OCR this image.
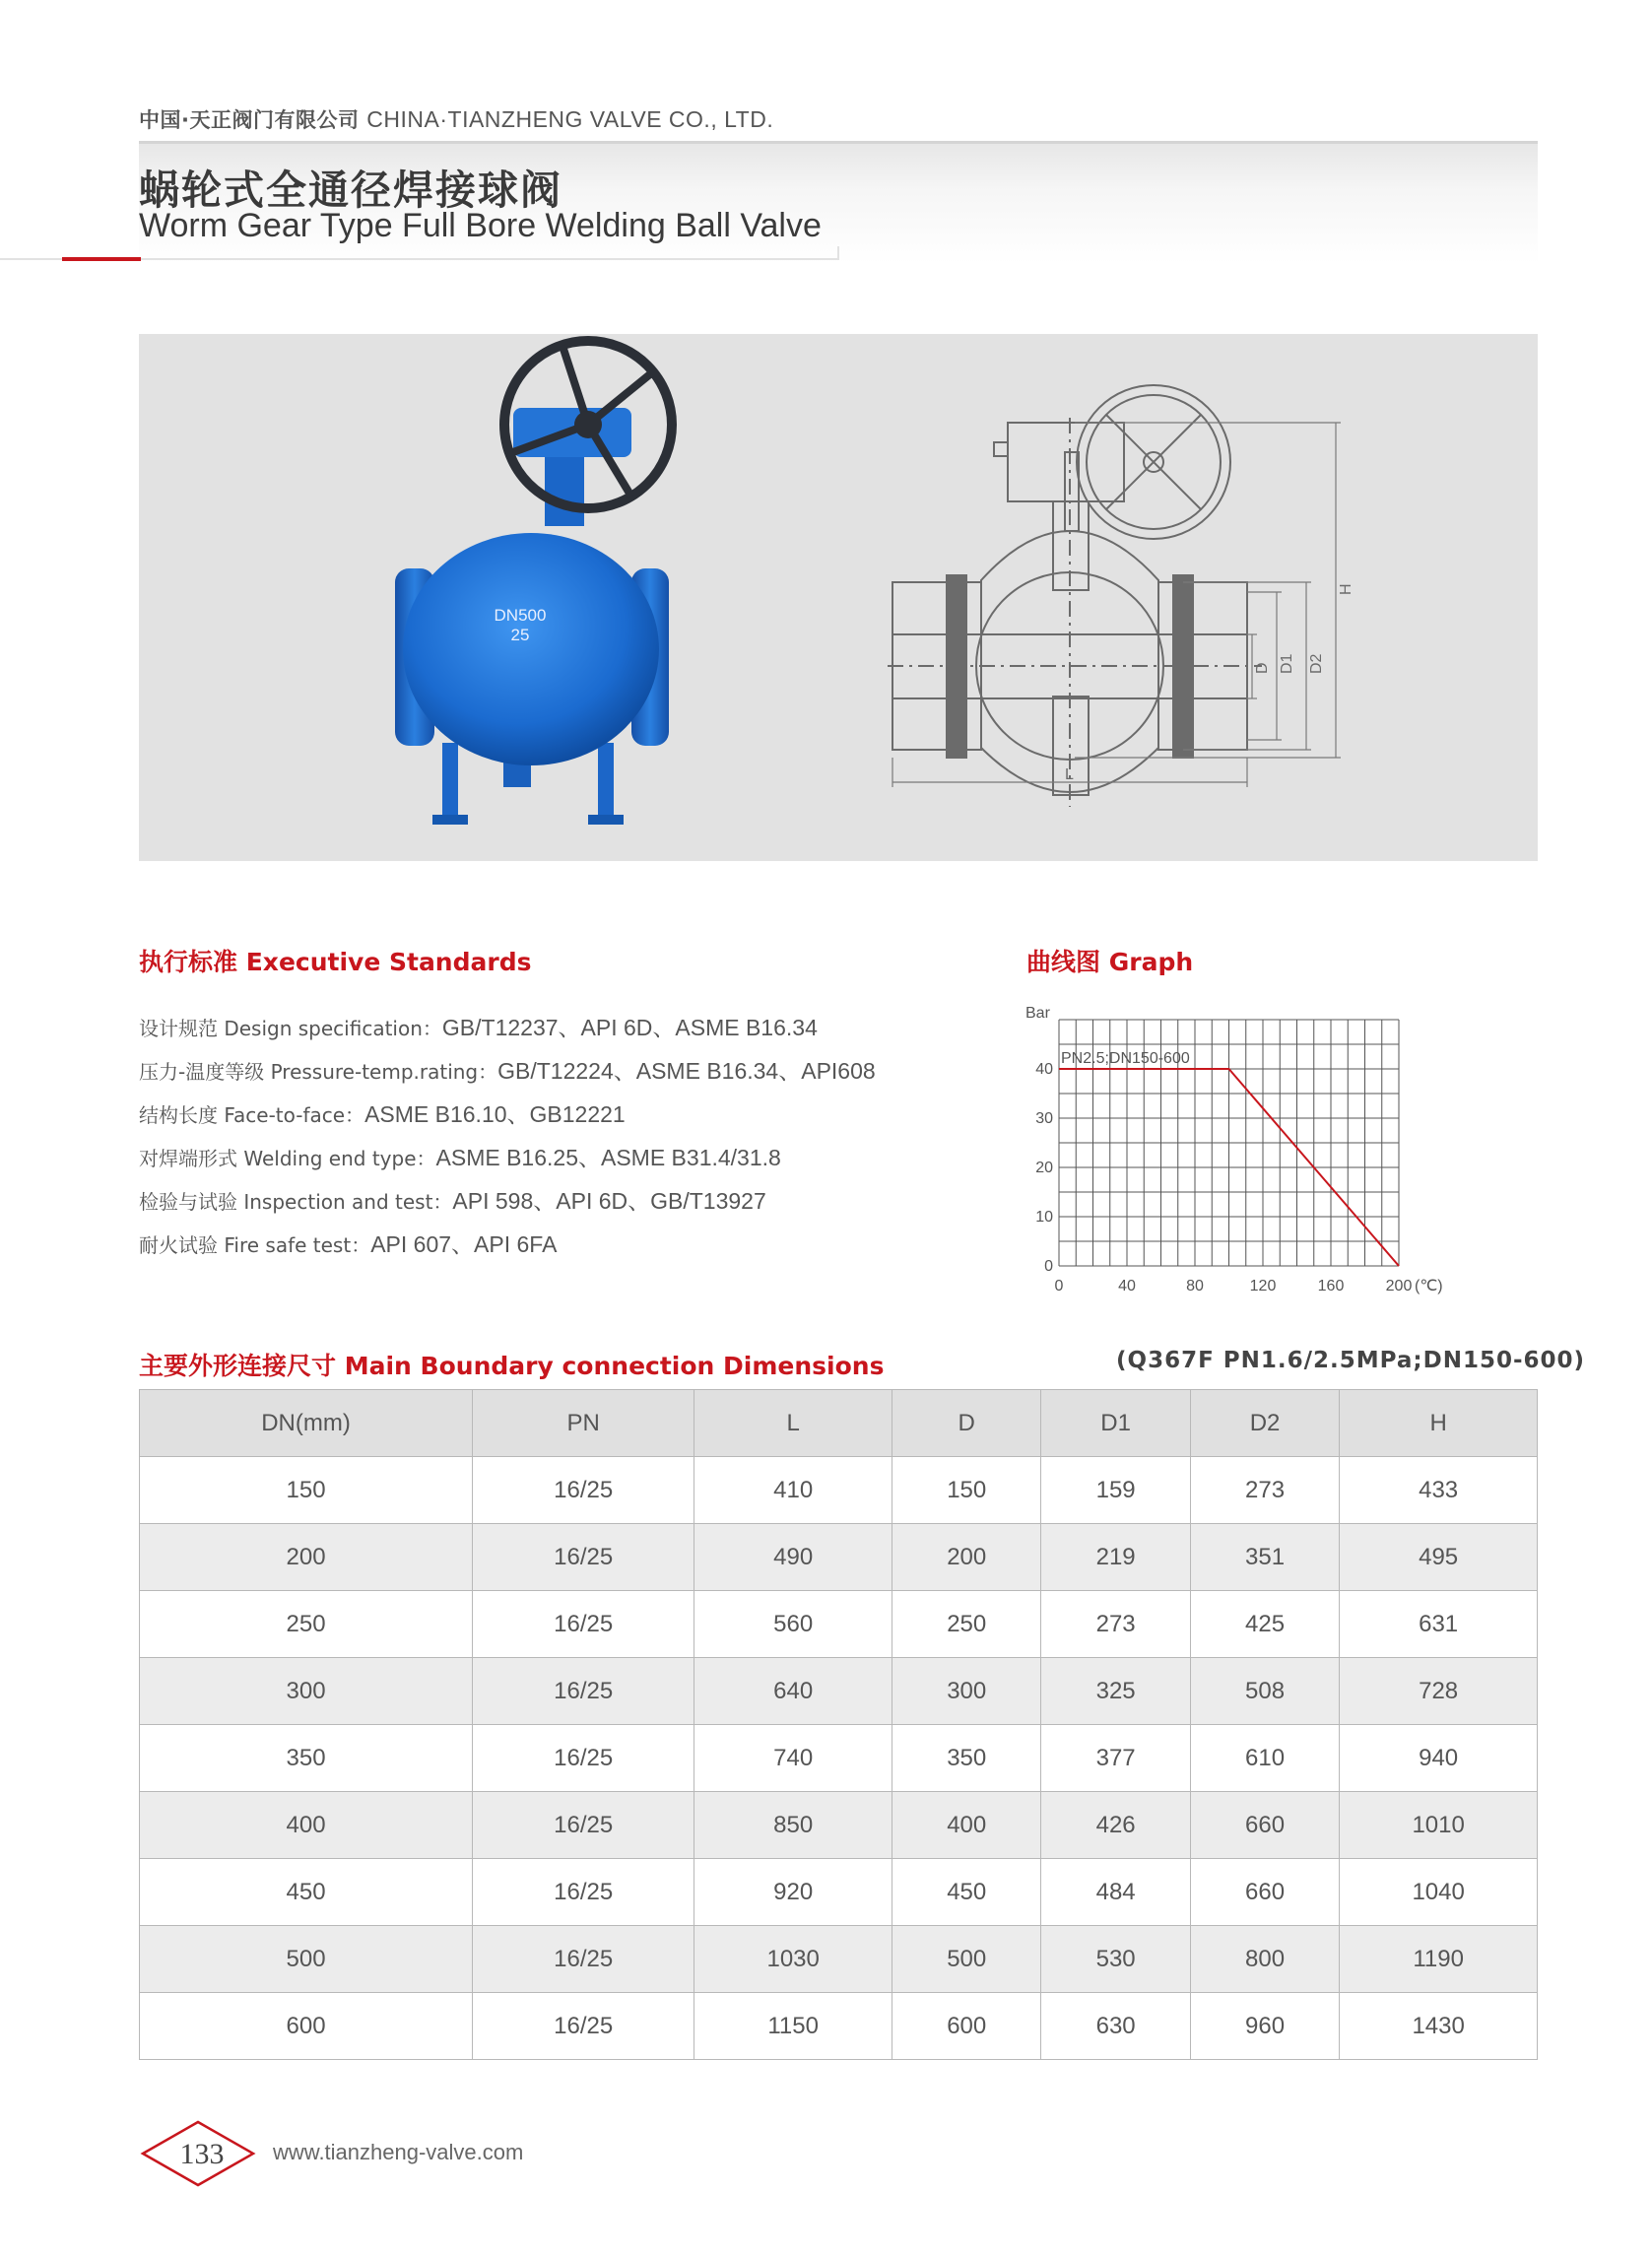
中国·天正阀门有限公司 CHINA·TIANZHENG VALVE CO., LTD.
蜗轮式全通径焊接球阀
Worm Gear Type Full Bore Welding Ball Valve
DN500
25
H
D2
D1
D
L
执行标准 Executive Standards
设计规范 Design specification：GB/T12237、API 6D、ASME B16.34
压力-温度等级 Pressure-temp.rating：GB/T12224、ASME B16.34、API608
结构长度 Face-to-face：ASME B16.10、GB12221
对焊端形式 Welding end type：ASME B16.25、ASME B31.4/31.8
检验与试验 Inspection and test：API 598、API 6D、GB/T13927
耐火试验 Fire safe test：API 607、API 6FA
曲线图 Graph
0	40	80	120	160	200 (℃)
0
10
20
30
40
Bar
PN2.5;DN150-600
主要外形连接尺寸 Main Boundary connection Dimensions	(Q367F PN1.6/2.5MPa;DN150-600)
DN(mm)	PN	L	D	D1	D2	H
150	16/25	410	150	159	273	433
200	16/25	490	200	219	351	495
250	16/25	560	250	273	425	631
300	16/25	640	300	325	508	728
350	16/25	740	350	377	610	940
400	16/25	850	400	426	660	1010
450	16/25	920	450	484	660	1040
500	16/25	1030	500	530	800	1190
600	16/25	1150	600	630	960	1430
133 www.tianzheng-valve.com
